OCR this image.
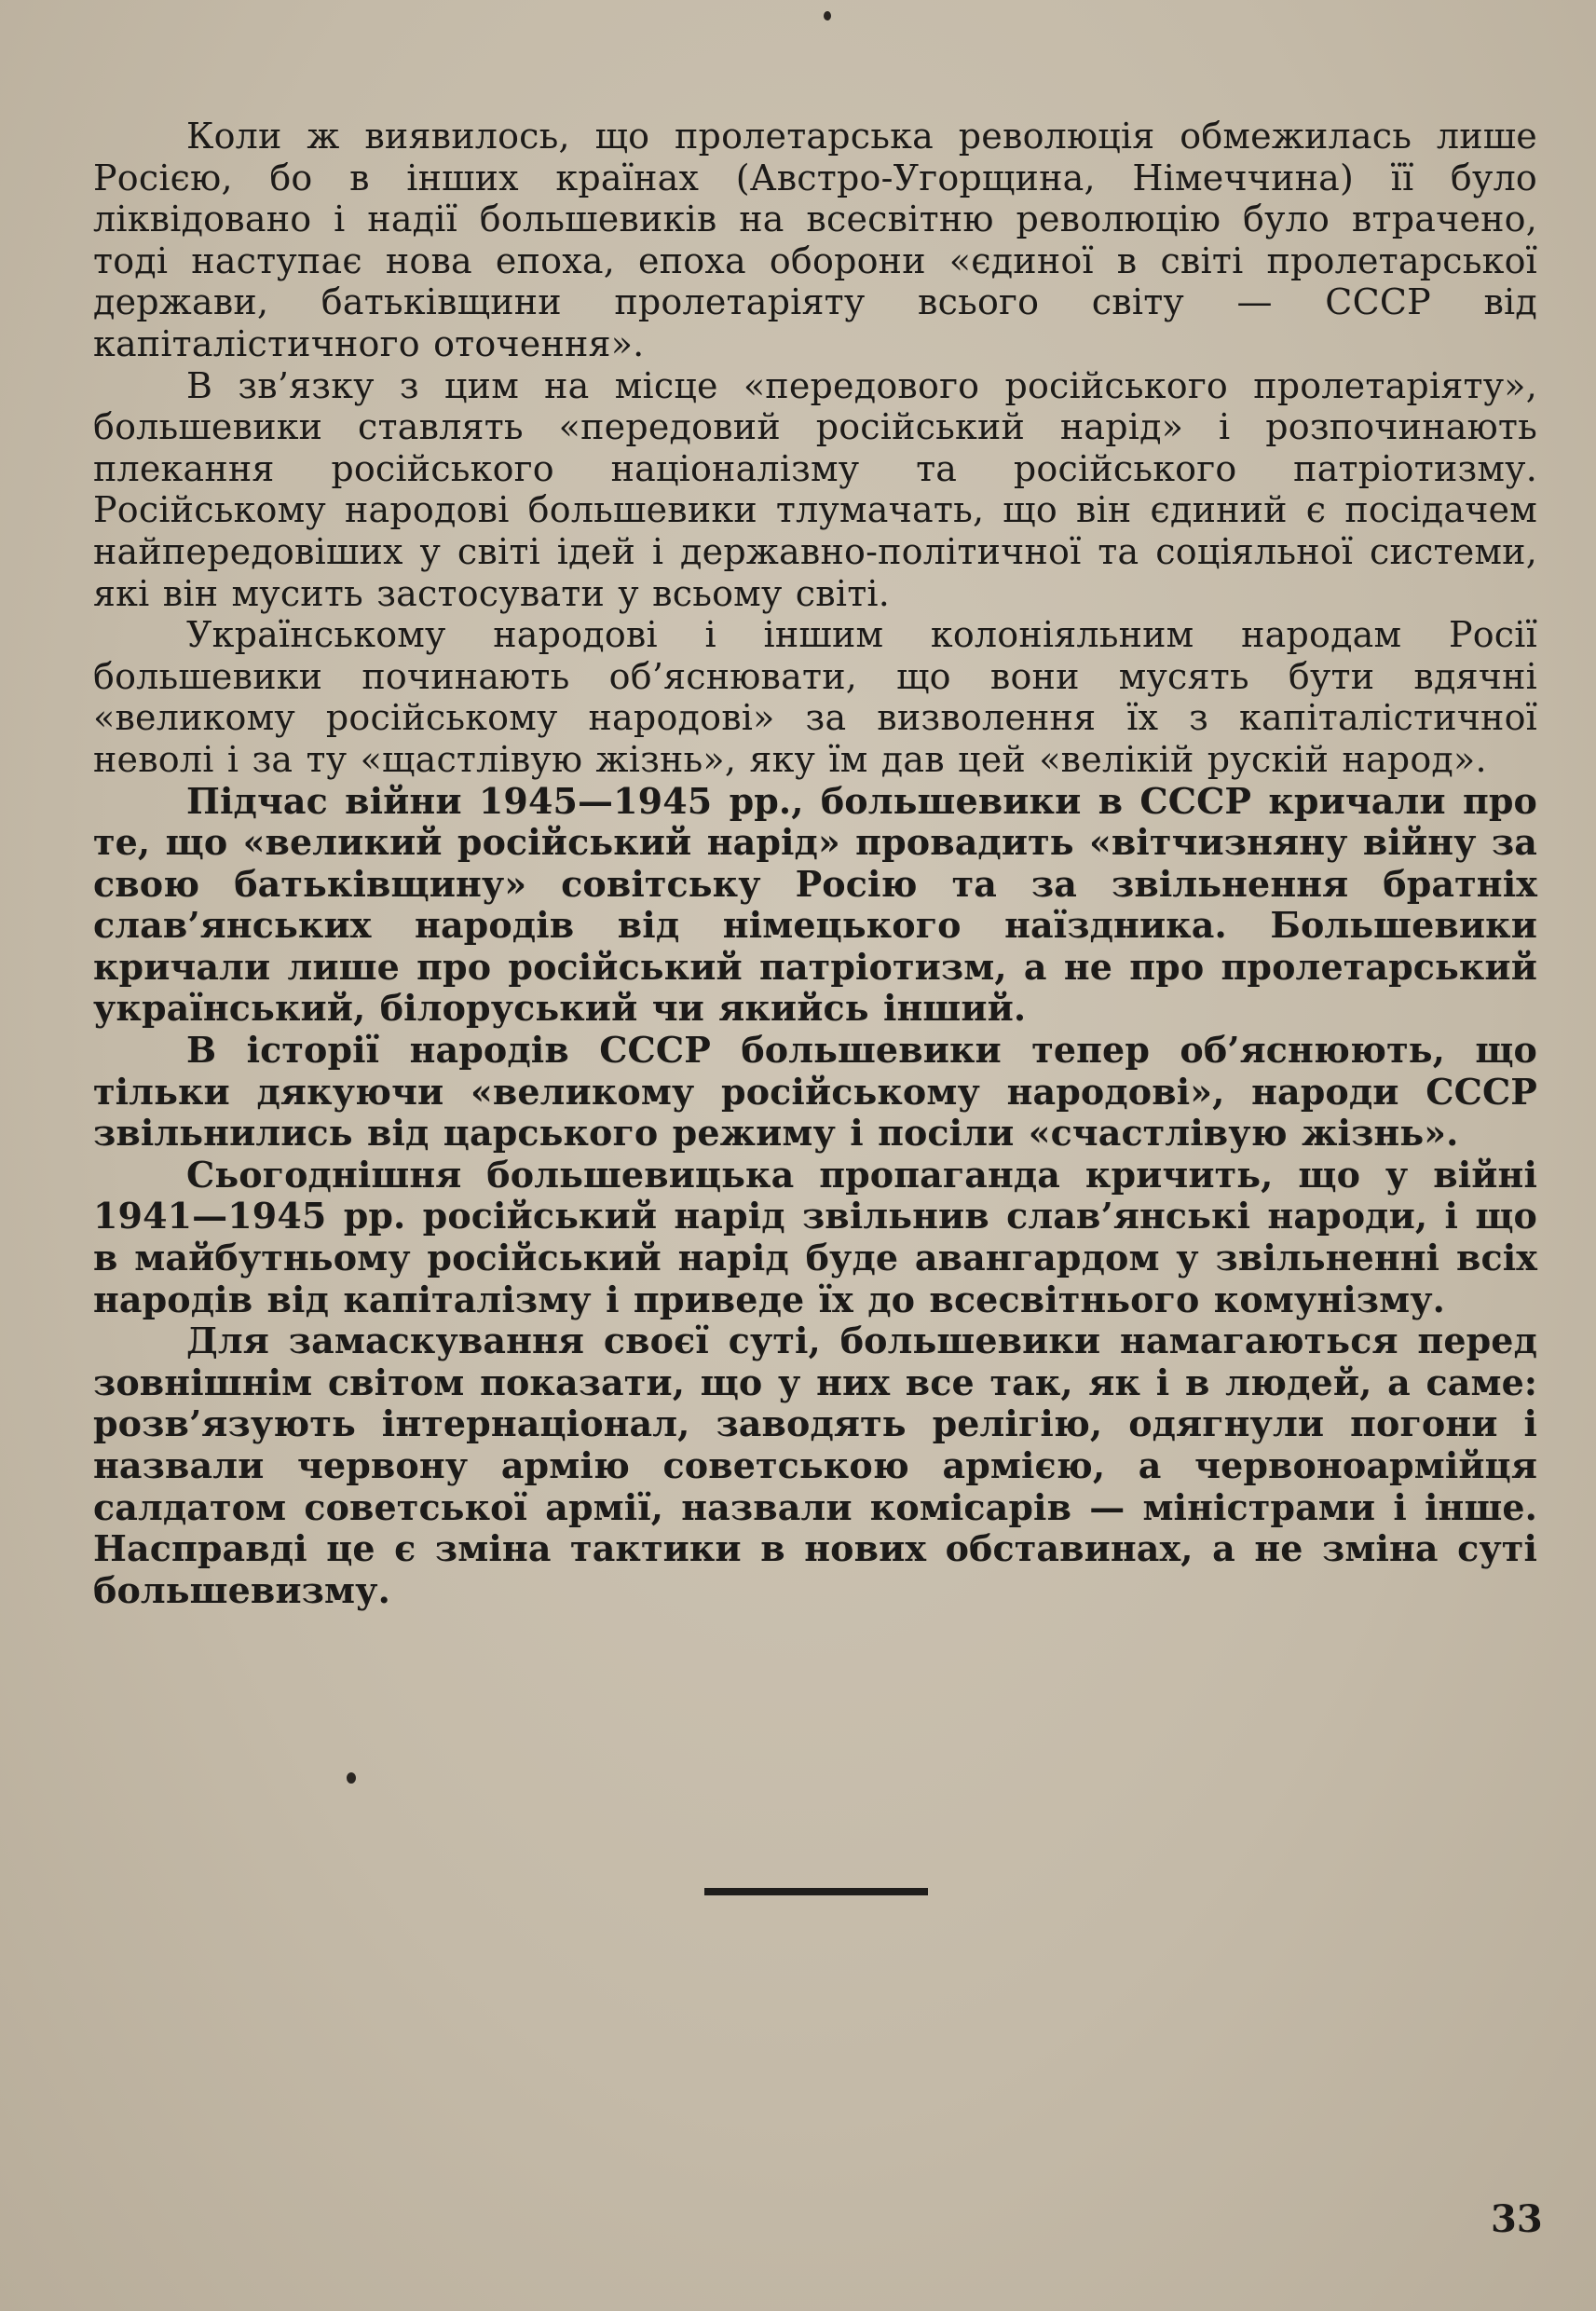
Коли ж виявилось, що пролетарська революція обмежилась лише Росією, бо в інших країнах (Австро-Угорщина, Німеччина) її було ліквідовано і надії большевиків на всесвітню революцію було втрачено, тоді наступає нова епоха, епоха оборони «єдиної в світі пролетарської держави, батьківщини пролетаріяту всього світу — СССР від капіталістичного оточення».

В зв’язку з цим на місце «передового російського пролетаріяту», большевики ставлять «передовий російський нарід» і розпочинають плекання російського націоналізму та російського патріотизму. Російському народові большевики тлумачать, що він єдиний є посідачем найпередовіших у світі ідей і державно-політичної та соціяльної системи, які він мусить застосувати у всьому світі.

Українському народові і іншим колоніяльним народам Росії большевики починають об’яснювати, що вони мусять бути вдячні «великому російському народові» за визволення їх з капіталістичної неволі і за ту «щастлівую жізнь», яку їм дав цей «велікій рускій народ».

Підчас війни 1945—1945 рр., большевики в СССР кричали про те, що «великий російський нарід» провадить «вітчизняну війну за свою батьківщину» совітську Росію та за звільнення братніх слав’янських народів від німецького наїздника. Большевики кричали лише про російський патріотизм, а не про пролетарський український, білоруський чи якийсь інший.

В історії народів СССР большевики тепер об’яснюють, що тільки дякуючи «великому російському народові», народи СССР звільнились від царського режиму і посіли «счастлівую жізнь».

Сьогоднішня большевицька пропаганда кричить, що у війні 1941—1945 рр. російський нарід звільнив слав’янські народи, і що в майбутньому російський нарід буде авангардом у звільненні всіх народів від капіталізму і приведе їх до всесвітнього комунізму.

Для замаскування своєї суті, большевики намагаються перед зовнішнім світом показати, що у них все так, як і в людей, а саме: розв’язують інтернаціонал, заводять релігію, одягнули погони і назвали червону армію советською армією, а червоноармійця салдатом советської армії, назвали комісарів — міністрами і інше. Насправді це є зміна тактики в нових обставинах, а не зміна суті большевизму.

33
